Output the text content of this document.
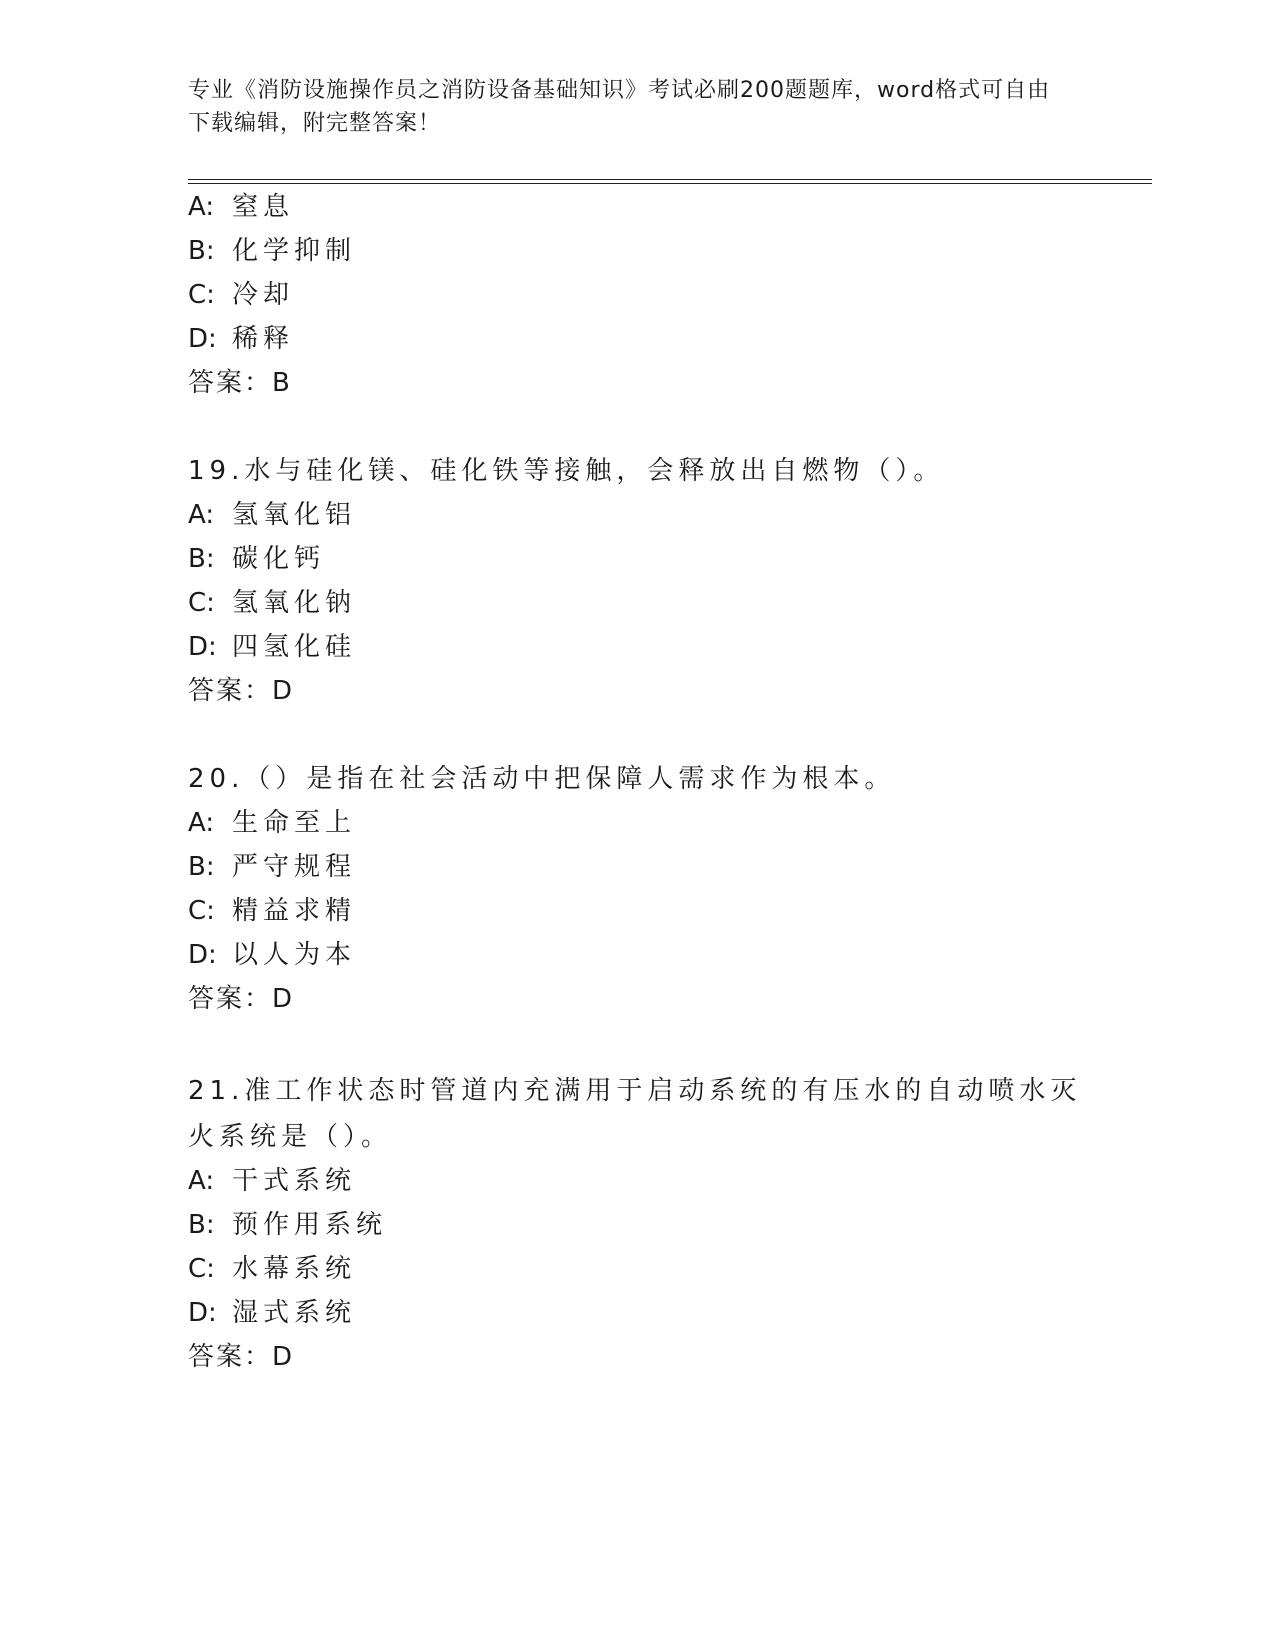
专业《消防设施操作员之消防设备基础知识》考试必刷200题题库，word格式可自由下载编辑，附完整答案！
A: 窒息
B: 化学抑制
C: 冷却
D: 稀释
答案：B
19.水与硅化镁、硅化铁等接触，会释放出自燃物（）。
A: 氢氧化铝
B: 碳化钙
C: 氢氧化钠
D: 四氢化硅
答案：D
20.（）是指在社会活动中把保障人需求作为根本。
A: 生命至上
B: 严守规程
C: 精益求精
D: 以人为本
答案：D
21.准工作状态时管道内充满用于启动系统的有压水的自动喷水灭火系统是（）。
A: 干式系统
B: 预作用系统
C: 水幕系统
D: 湿式系统
答案：D
